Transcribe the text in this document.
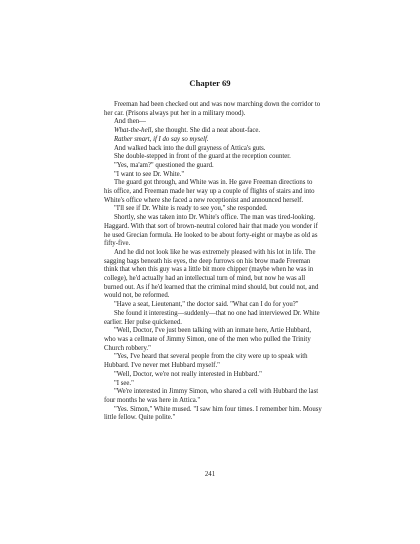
Chapter 69

Freeman had been checked out and was now marching down the corridor to her car. (Prisons always put her in a military mood).

And then—

What-the-hell, she thought. She did a neat about-face.

Rather smart, if I do say so myself.

And walked back into the dull grayness of Attica's guts.

She double-stepped in front of the guard at the reception counter.

"Yes, ma'am?" questioned the guard.

"I want to see Dr. White."

The guard got through, and White was in. He gave Freeman directions to his office, and Freeman made her way up a couple of flights of stairs and into White's office where she faced a new receptionist and announced herself.

"I'll see if Dr. White is ready to see you," she responded.

Shortly, she was taken into Dr. White's office. The man was tired-looking. Haggard. With that sort of brown-neutral colored hair that made you wonder if he used Grecian formula. He looked to be about forty-eight or maybe as old as fifty-five.

And he did not look like he was extremely pleased with his lot in life. The sagging bags beneath his eyes, the deep furrows on his brow made Freeman think that when this guy was a little bit more chipper (maybe when he was in college), he'd actually had an intellectual turn of mind, but now he was all burned out. As if he'd learned that the criminal mind should, but could not, and would not, be reformed.

"Have a seat, Lieutenant," the doctor said. "What can I do for you?"

She found it interesting—suddenly—that no one had interviewed Dr. White earlier. Her pulse quickened.

"Well, Doctor, I've just been talking with an inmate here, Artie Hubbard, who was a cellmate of Jimmy Simon, one of the men who pulled the Trinity Church robbery."

"Yes, I've heard that several people from the city were up to speak with Hubbard. I've never met Hubbard myself."

"Well, Doctor, we're not really interested in Hubbard."

"I see."

"We're interested in Jimmy Simon, who shared a cell with Hubbard the last four months he was here in Attica."

"Yes. Simon," White mused. "I saw him four times. I remember him. Mousy little fellow. Quite polite."

241
